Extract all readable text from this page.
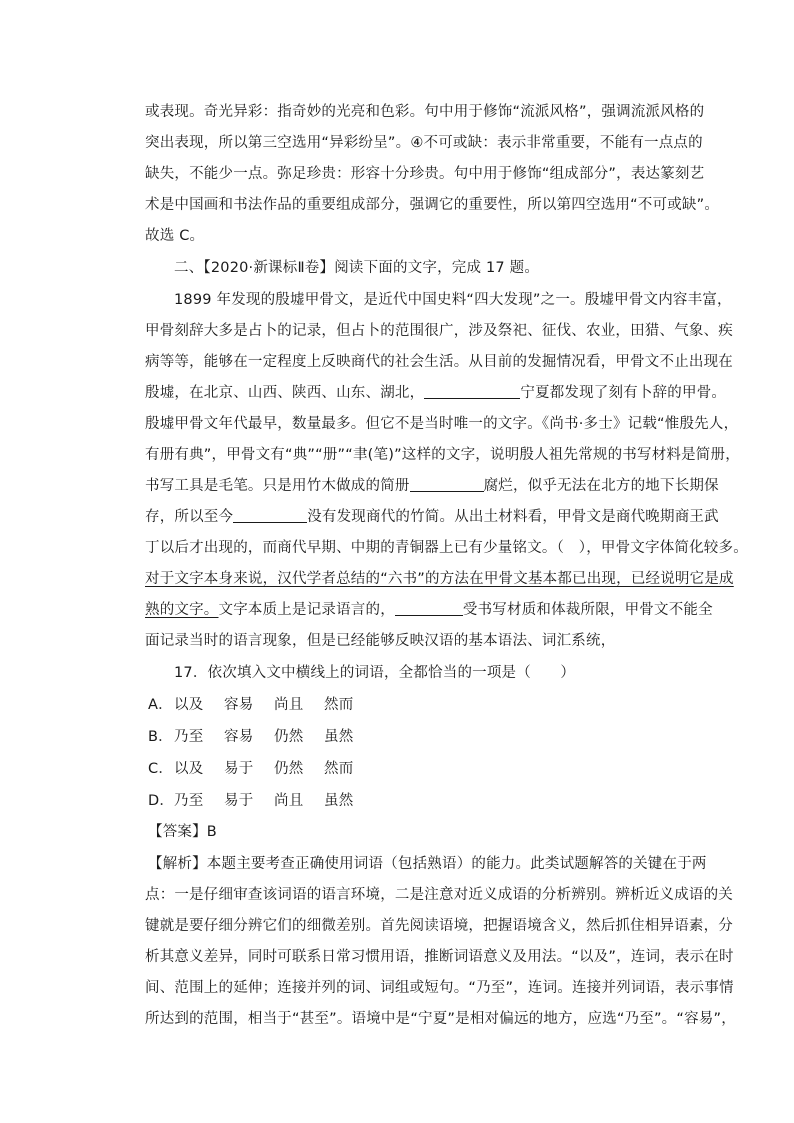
或表现。奇光异彩：指奇妙的光亮和色彩。句中用于修饰“流派风格”，强调流派风格的
突出表现，所以第三空选用“异彩纷呈”。④不可或缺：表示非常重要，不能有一点点的
缺失，不能少一点。弥足珍贵：形容十分珍贵。句中用于修饰“组成部分”，表达篆刻艺
术是中国画和书法作品的重要组成部分，强调它的重要性，所以第四空选用“不可或缺”。
故选 C。
二、【2020·新课标Ⅱ卷】阅读下面的文字，完成 17 题。
1899 年发现的殷墟甲骨文，是近代中国史料“四大发现”之一。殷墟甲骨文内容丰富，
甲骨刻辞大多是占卜的记录，但占卜的范围很广，涉及祭祀、征伐、农业，田猎、气象、疾
病等等，能够在一定程度上反映商代的社会生活。从目前的发掘情况看，甲骨文不止出现在
殷墟，在北京、山西、陕西、山东、湖北，	宁夏都发现了刻有卜辞的甲骨。
殷墟甲骨文年代最早，数量最多。但它不是当时唯一的文字。《尚书·多士》记载“惟殷先人，
有册有典”，甲骨文有“典”“册”“聿(笔)”这样的文字，说明殷人祖先常规的书写材料是简册，
书写工具是毛笔。只是用竹木做成的简册	腐烂，似乎无法在北方的地下长期保
存，所以至今	没有发现商代的竹简。从出土材料看，甲骨文是商代晚期商王武
丁以后才出现的，而商代早期、中期的青铜器上已有少量铭文。（　），甲骨文字体简化较多。
对于文字本身来说，汉代学者总结的“六书”的方法在甲骨文基本都已出现，已经说明它是成
熟的文字。文字本质上是记录语言的，	受书写材质和体裁所限，甲骨文不能全
面记录当时的语言现象，但是已经能够反映汉语的基本语法、词汇系统，
17．依次填入文中横线上的词语，全都恰当的一项是（　　）
A．以及 容易 尚且 然而
B．乃至 容易 仍然 虽然
C．以及 易于 仍然 然而
D．乃至 易于 尚且 虽然
【答案】B
【解析】本题主要考查正确使用词语（包括熟语）的能力。此类试题解答的关键在于两
点：一是仔细审查该词语的语言环境，二是注意对近义成语的分析辨别。辨析近义成语的关
键就是要仔细分辨它们的细微差别。首先阅读语境，把握语境含义，然后抓住相异语素，分
析其意义差异，同时可联系日常习惯用语，推断词语意义及用法。“以及”，连词，表示在时
间、范围上的延伸；连接并列的词、词组或短句。“乃至”，连词。连接并列词语，表示事情
所达到的范围，相当于“甚至”。语境中是“宁夏”是相对偏远的地方，应选“乃至”。“容易”，
